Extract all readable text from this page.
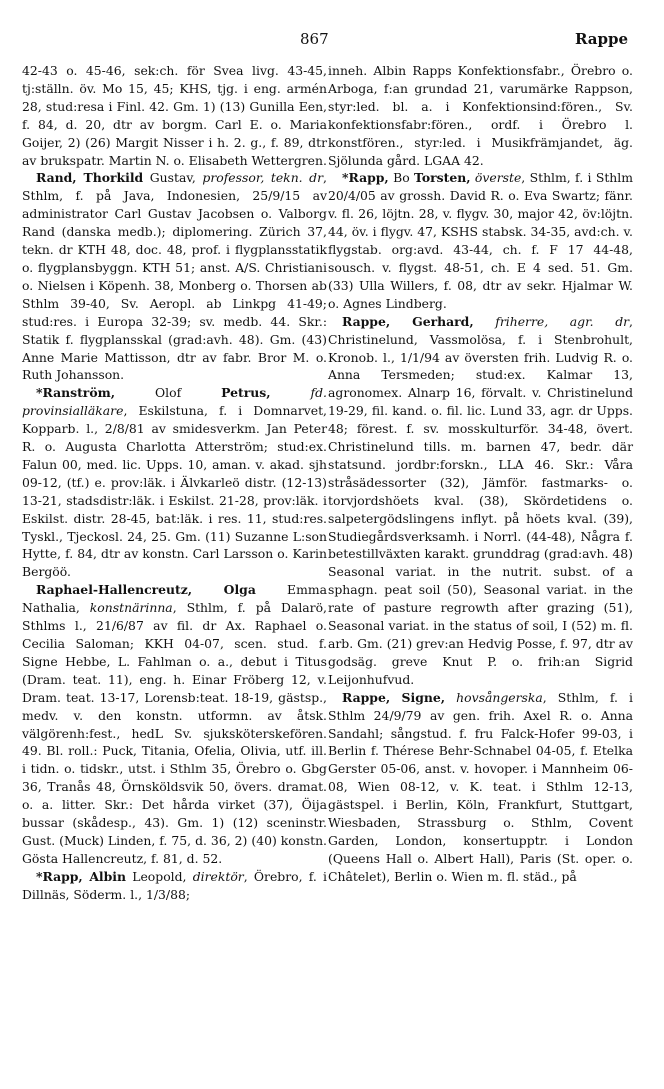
867	Rappe

42-43 o. 45-46, sek:ch. för Svea livg. 43-45, tj:ställn. öv. Mo 15, 45; KHS, tjg. i eng. armén 28, stud:resa i Finl. 42. Gm. 1) (13) Gunilla Een, f. 84, d. 20, dtr av borgm. Carl E. o. Maria Goijer, 2) (26) Margit Nisser i h. 2. g., f. 89, dtr av brukspatr. Martin N. o. Elisabeth Wettergren.

Rand, Thorkild Gustav, professor, tekn. dr, Sthlm, f. på Java, Indonesien, 25/9/15 av administrator Carl Gustav Jacobsen o. Valborg Rand (danska medb.); diplomering. Zürich 37, tekn. dr KTH 48, doc. 48, prof. i flygplansstatik o. flygplansbyggn. KTH 51; anst. A/S. Christiani o. Nielsen i Köpenh. 38, Monberg o. Thorsen ab Sthlm 39-40, Sv. Aeropl. ab Linkpg 41-49; stud:res. i Europa 32-39; sv. medb. 44. Skr.: Statik f. flygplansskal (grad:avh. 48). Gm. (43) Anne Marie Mattisson, dtr av fabr. Bror M. o. Ruth Johansson.

*Ranström, Olof Petrus, fd. provinsialläkare, Eskilstuna, f. i Domnarvet, Kopparb. l., 2/8/81 av smidesverkm. Jan Peter R. o. Augusta Charlotta Atterström; stud:ex. Falun 00, med. lic. Upps. 10, aman. v. akad. sjh 09-12, (tf.) e. prov:läk. i Älvkarleö distr. (12-13) 13-21, stadsdistr:läk. i Eskilst. 21-28, prov:läk. i Eskilst. distr. 28-45, bat:läk. i res. 11, stud:res. Tyskl., Tjeckosl. 24, 25. Gm. (11) Suzanne L:son Hytte, f. 84, dtr av konstn. Carl Larsson o. Karin Bergöö.

Raphael-Hallencreutz, Olga Emma Nathalia, konstnärinna, Sthlm, f. på Dalarö, Sthlms l., 21/6/87 av fil. dr Ax. Raphael o. Cecilia Saloman; KKH 04-07, scen. stud. f. Signe Hebbe, L. Fahlman o. a., debut i Titus (Dram. teat. 11), eng. h. Einar Fröberg 12, v. Dram. teat. 13-17, Lorensb:teat. 18-19, gästsp., medv. v. den konstn. utformn. av åtsk. välgörenh:fest., hedL Sv. sjuksköterskefören. 49. Bl. roll.: Puck, Titania, Ofelia, Olivia, utf. ill. i tidn. o. tidskr., utst. i Sthlm 35, Örebro o. Gbg 36, Tranås 48, Örnsköldsvik 50, övers. dramat. o. a. litter. Skr.: Det hårda virket (37), Öija bussar (skådesp., 43). Gm. 1) (12) sceninstr. Gust. (Muck) Linden, f. 75, d. 36, 2) (40) konstn. Gösta Hallencreutz, f. 81, d. 52.

*Rapp, Albin Leopold, direktör, Örebro, f. i Dillnäs, Söderm. l., 1/3/88;

inneh. Albin Rapps Konfektionsfabr., Örebro o. Arboga, f:an grundad 21, varumärke Rappson, styr:led. bl. a. i Konfektionsind:fören., Sv. konfektionsfabr:fören., ordf. i Örebro l. konstfören., styr:led. i Musikfrämjandet, äg. Sjölunda gård. LGAA 42.

*Rapp, Bo Torsten, överste, Sthlm, f. i Sthlm 20/4/05 av grossh. David R. o. Eva Swartz; fänr. v. fl. 26, löjtn. 28, v. flygv. 30, major 42, öv:löjtn. 44, öv. i flygv. 47, KSHS stabsk. 34-35, avd:ch. v. flygstab. org:avd. 43-44, ch. f. F 17 44-48, sousch. v. flygst. 48-51, ch. E 4 sed. 51. Gm. (33) Ulla Willers, f. 08, dtr av sekr. Hjalmar W. o. Agnes Lindberg.

Rappe, Gerhard, friherre, agr. dr, Christinelund, Vassmolösa, f. i Stenbrohult, Kronob. l., 1/1/94 av översten frih. Ludvig R. o. Anna Tersmeden; stud:ex. Kalmar 13, agronomex. Alnarp 16, förvalt. v. Christinelund 19-29, fil. kand. o. fil. lic. Lund 33, agr. dr Upps. 48; förest. f. sv. mosskulturför. 34-48, övert. Christinelund tills. m. barnen 47, bedr. där statsund. jordbr:forskn., LLA 46. Skr.: Våra stråsädessorter (32), Jämför. fastmarks- o. torvjordshöets kval. (38), Skördetidens o. salpetergödslingens inflyt. på höets kval. (39), Studiegårdsverksamh. i Norrl. (44-48), Några f. betestillväxten karakt. grunddrag (grad:avh. 48) Seasonal variat. in the nutrit. subst. of a sphagn. peat soil (50), Seasonal variat. in the rate of pasture regrowth after grazing (51), Seasonal variat. in the status of soil, I (52) m. fl. arb. Gm. (21) grev:an Hedvig Posse, f. 97, dtr av godsäg. greve Knut P. o. frih:an Sigrid Leijonhufvud.

Rappe, Signe, hovsångerska, Sthlm, f. i Sthlm 24/9/79 av gen. frih. Axel R. o. Anna Sandahl; sångstud. f. fru Falck-Hofer 99-03, i Berlin f. Thérese Behr-Schnabel 04-05, f. Etelka Gerster 05-06, anst. v. hovoper. i Mannheim 06-08, Wien 08-12, v. K. teat. i Sthlm 12-13, gästspel. i Berlin, Köln, Frankfurt, Stuttgart, Wiesbaden, Strassburg o. Sthlm, Covent Garden, London, konsertupptr. i London (Queens Hall o. Albert Hall), Paris (St. oper. o. Châtelet), Berlin o. Wien m. fl. städ., på
